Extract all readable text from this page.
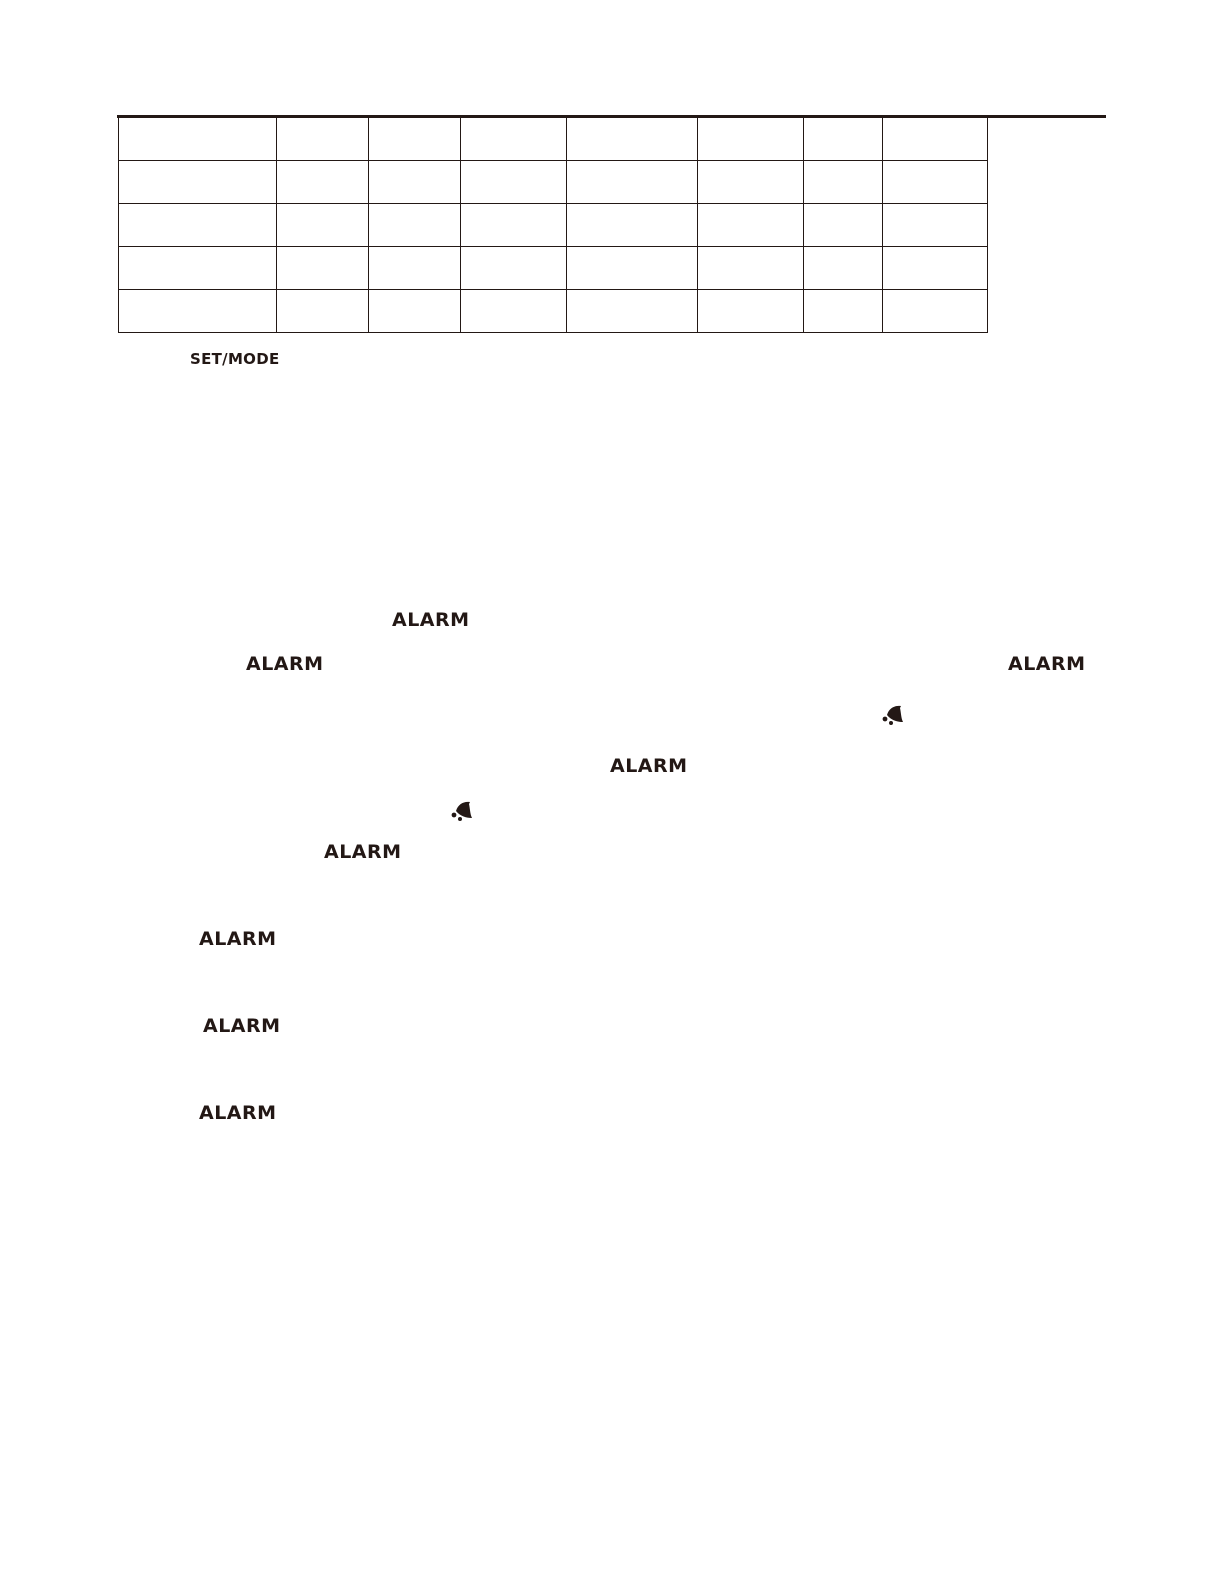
SET/MODE
ALARM
ALARM	ALARM
ALARM
ALARM
ALARM
ALARM
ALARM
